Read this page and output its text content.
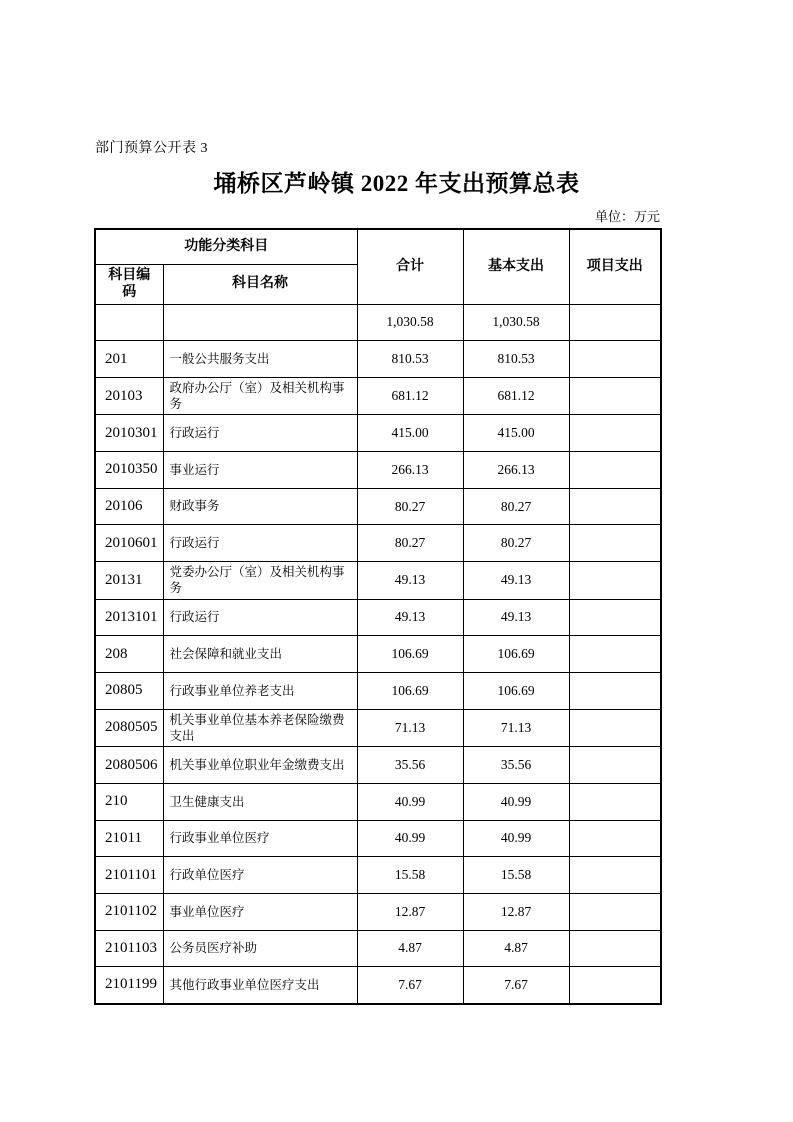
部门预算公开表 3
埇桥区芦岭镇 2022 年支出预算总表
单位：万元
功能分类科目		合计	基本支出	项目支出
科目编码	科目名称			
		1,030.58	1,030.58	
201	一般公共服务支出	810.53	810.53	
20103	政府办公厅（室）及相关机构事务	681.12	681.12	
2010301	行政运行	415.00	415.00	
2010350	事业运行	266.13	266.13	
20106	财政事务	80.27	80.27	
2010601	行政运行	80.27	80.27	
20131	党委办公厅（室）及相关机构事务	49.13	49.13	
2013101	行政运行	49.13	49.13	
208	社会保障和就业支出	106.69	106.69	
20805	行政事业单位养老支出	106.69	106.69	
2080505	机关事业单位基本养老保险缴费支出	71.13	71.13	
2080506	机关事业单位职业年金缴费支出	35.56	35.56	
210	卫生健康支出	40.99	40.99	
21011	行政事业单位医疗	40.99	40.99	
2101101	行政单位医疗	15.58	15.58	
2101102	事业单位医疗	12.87	12.87	
2101103	公务员医疗补助	4.87	4.87	
2101199	其他行政事业单位医疗支出	7.67	7.67	
